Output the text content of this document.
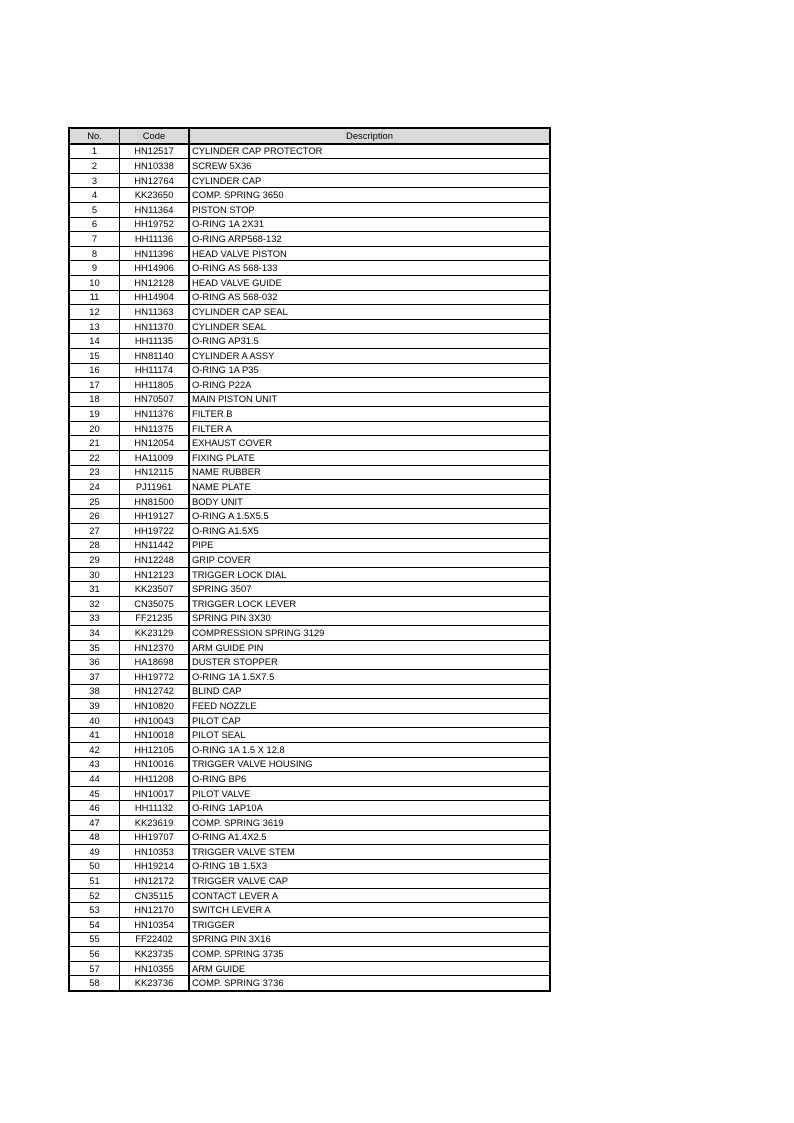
No.	Code	Description
1	HN12517	CYLINDER CAP PROTECTOR
2	HN10338	SCREW 5X36
3	HN12764	CYLINDER CAP
4	KK23650	COMP. SPRING 3650
5	HN11364	PISTON STOP
6	HH19752	O-RING 1A 2X31
7	HH11136	O-RING ARP568-132
8	HN11396	HEAD VALVE PISTON
9	HH14906	O-RING AS 568-133
10	HN12128	HEAD VALVE GUIDE
11	HH14904	O-RING AS 568-032
12	HN11363	CYLINDER CAP SEAL
13	HN11370	CYLINDER SEAL
14	HH11135	O-RING AP31.5
15	HN81140	CYLINDER A ASSY
16	HH11174	O-RING 1A P35
17	HH11805	O-RING P22A
18	HN70507	MAIN PISTON UNIT
19	HN11376	FILTER B
20	HN11375	FILTER A
21	HN12054	EXHAUST COVER
22	HA11009	FIXING PLATE
23	HN12115	NAME RUBBER
24	PJ11961	NAME PLATE
25	HN81500	BODY UNIT
26	HH19127	O-RING A 1.5X5.5
27	HH19722	O-RING A1.5X5
28	HN11442	PIPE
29	HN12248	GRIP COVER
30	HN12123	TRIGGER LOCK DIAL
31	KK23507	SPRING 3507
32	CN35075	TRIGGER LOCK LEVER
33	FF21235	SPRING PIN 3X30
34	KK23129	COMPRESSION SPRING 3129
35	HN12370	ARM GUIDE PIN
36	HA18698	DUSTER STOPPER
37	HH19772	O-RING 1A 1.5X7.5
38	HN12742	BLIND CAP
39	HN10820	FEED NOZZLE
40	HN10043	PILOT CAP
41	HN10018	PILOT SEAL
42	HH12105	O-RING 1A 1.5 X 12.8
43	HN10016	TRIGGER VALVE HOUSING
44	HH11208	O-RING BP6
45	HN10017	PILOT VALVE
46	HH11132	O-RING 1AP10A
47	KK23619	COMP. SPRING 3619
48	HH19707	O-RING A1.4X2.5
49	HN10353	TRIGGER VALVE STEM
50	HH19214	O-RING 1B 1.5X3
51	HN12172	TRIGGER VALVE CAP
52	CN35115	CONTACT LEVER A
53	HN12170	SWITCH LEVER A
54	HN10354	TRIGGER
55	FF22402	SPRING PIN 3X16
56	KK23735	COMP. SPRING 3735
57	HN10355	ARM GUIDE
58	KK23736	COMP. SPRING 3736
